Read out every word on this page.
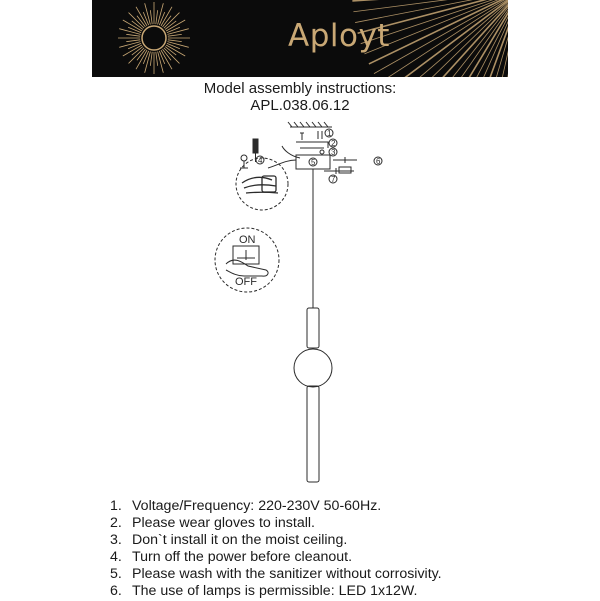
Aployt
Model assembly instructions:
APL.038.06.12
1
2
3
4	5	6
7
ON
OFF
1. Voltage/Frequency: 220-230V 50-60Hz.
2. Please wear gloves to install.
3. Don`t install it on the moist ceiling.
4. Turn off the power before cleanout.
5. Please wash with the sanitizer without corrosivity.
6. The use of lamps is permissible: LED 1x12W.
